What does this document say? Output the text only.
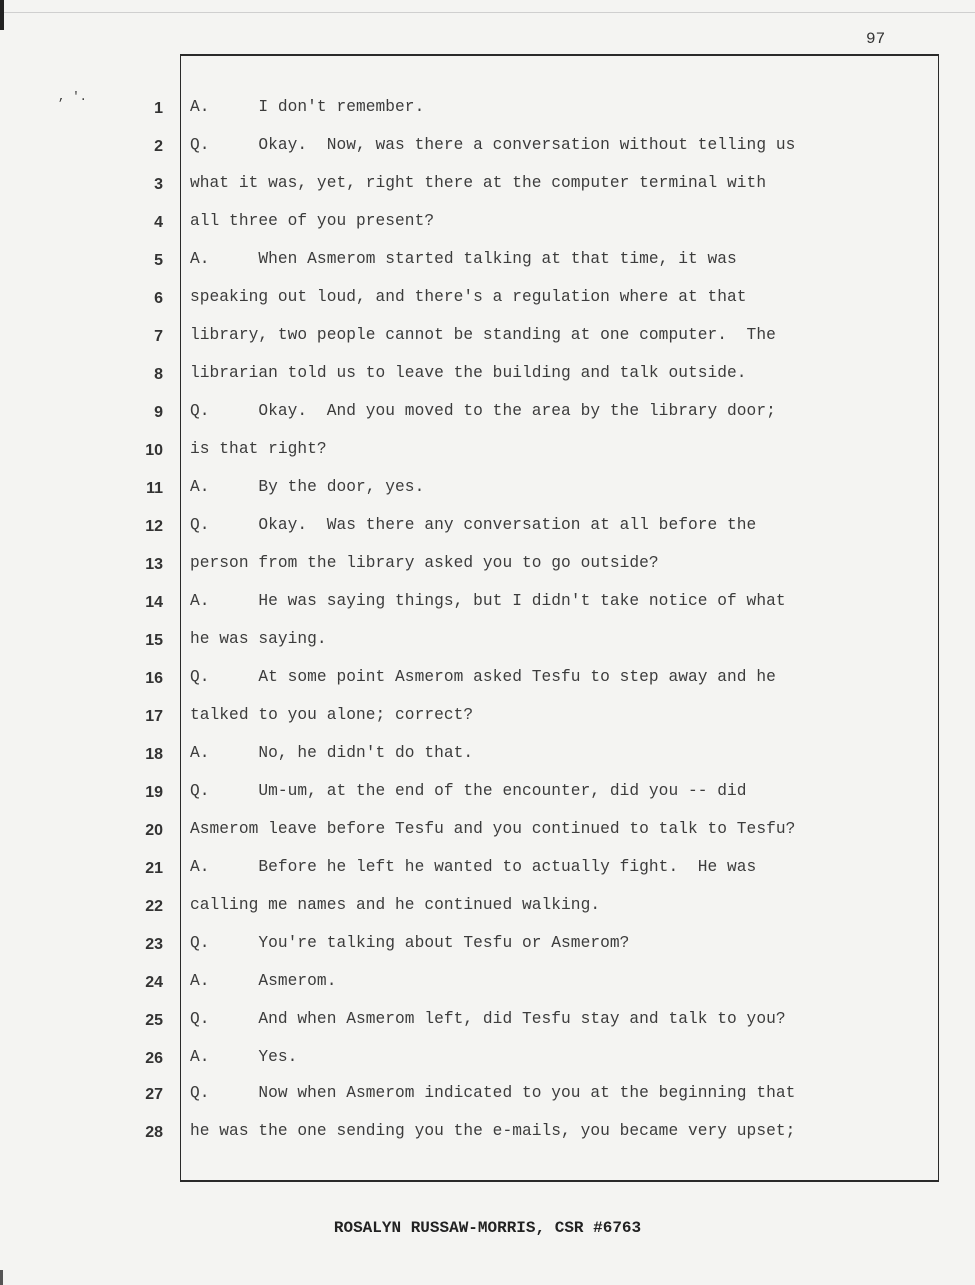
97
, '.
1 A.     I don't remember.
2 Q.     Okay.  Now, was there a conversation without telling us
3 what it was, yet, right there at the computer terminal with
4 all three of you present?
5 A.     When Asmerom started talking at that time, it was
6 speaking out loud, and there's a regulation where at that
7 library, two people cannot be standing at one computer.  The
8 librarian told us to leave the building and talk outside.
9 Q.     Okay.  And you moved to the area by the library door;
10 is that right?
11 A.     By the door, yes.
12 Q.     Okay.  Was there any conversation at all before the
13 person from the library asked you to go outside?
14 A.     He was saying things, but I didn't take notice of what
15 he was saying.
16 Q.     At some point Asmerom asked Tesfu to step away and he
17 talked to you alone; correct?
18 A.     No, he didn't do that.
19 Q.     Um-um, at the end of the encounter, did you -- did
20 Asmerom leave before Tesfu and you continued to talk to Tesfu?
21 A.     Before he left he wanted to actually fight.  He was
22 calling me names and he continued walking.
23 Q.     You're talking about Tesfu or Asmerom?
24 A.     Asmerom.
25 Q.     And when Asmerom left, did Tesfu stay and talk to you?
26 A.     Yes.
27 Q.     Now when Asmerom indicated to you at the beginning that
28 he was the one sending you the e-mails, you became very upset;
ROSALYN RUSSAW-MORRIS, CSR #6763
